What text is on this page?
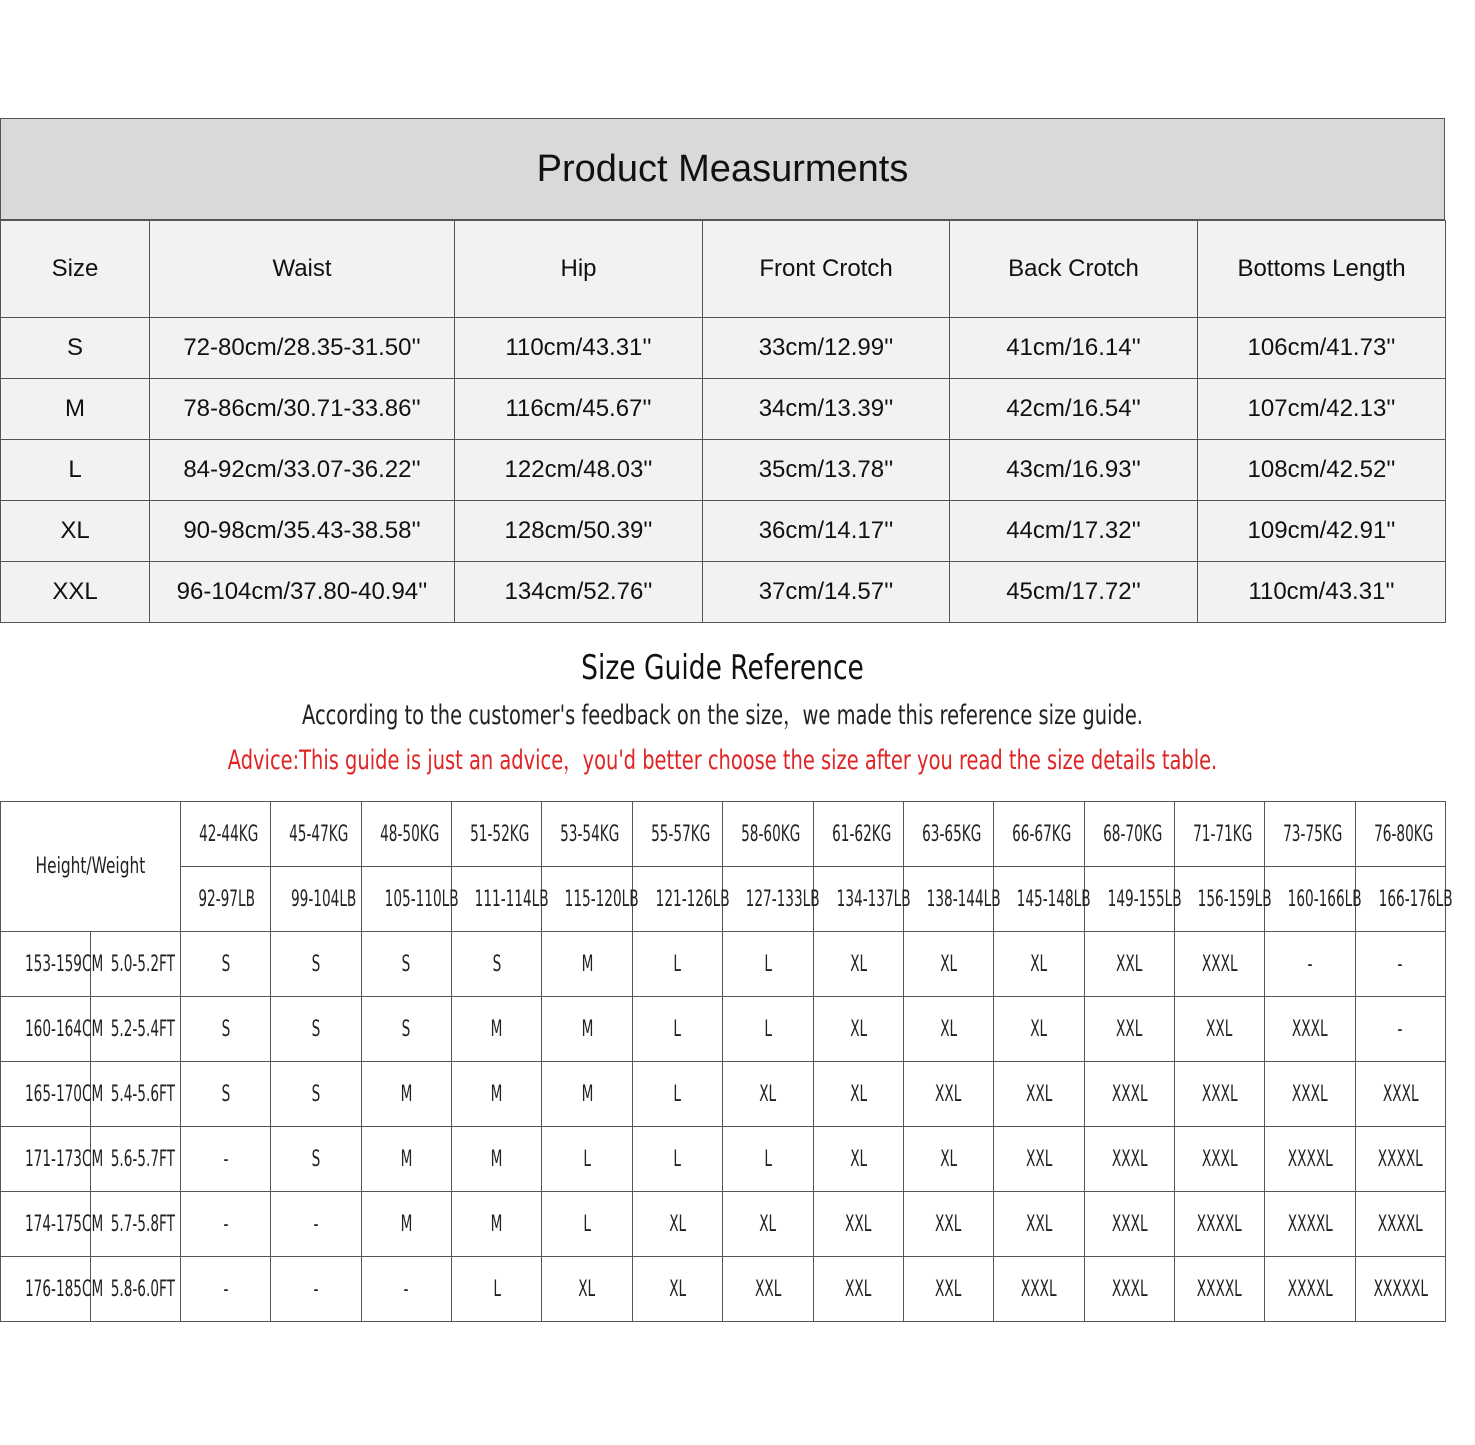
Product Measurments
Size	Waist	Hip	Front Crotch	Back Crotch	Bottoms Length
S	72-80cm/28.35-31.50''	110cm/43.31''	33cm/12.99''	41cm/16.14''	106cm/41.73''
M	78-86cm/30.71-33.86''	116cm/45.67''	34cm/13.39''	42cm/16.54''	107cm/42.13''
L	84-92cm/33.07-36.22''	122cm/48.03''	35cm/13.78''	43cm/16.93''	108cm/42.52''
XL	90-98cm/35.43-38.58''	128cm/50.39''	36cm/14.17''	44cm/17.32''	109cm/42.91''
XXL	96-104cm/37.80-40.94''	134cm/52.76''	37cm/14.57''	45cm/17.72''	110cm/43.31''
Size Guide Reference
According to the customer's feedback on the size，we made this reference size guide.
Advice:This guide is just an advice，you'd better choose the size after you read the size details table.
Height/Weight		42-44KG	45-47KG	48-50KG	51-52KG	53-54KG	55-57KG	58-60KG	61-62KG	63-65KG	66-67KG	68-70KG	71-71KG	73-75KG	76-80KG
		92-97LB	99-104LB	105-110LB	111-114LB	115-120LB	121-126LB	127-133LB	134-137LB	138-144LB	145-148LB	149-155LB	156-159LB	160-166LB	166-176LB
153-159CM	5.0-5.2FT	S	S	S	S	M	L	L	XL	XL	XL	XXL	XXXL	-	-
160-164CM	5.2-5.4FT	S	S	S	M	M	L	L	XL	XL	XL	XXL	XXL	XXXL	-
165-170CM	5.4-5.6FT	S	S	M	M	M	L	XL	XL	XXL	XXL	XXXL	XXXL	XXXL	XXXL
171-173CM	5.6-5.7FT	-	S	M	M	L	L	L	XL	XL	XXL	XXXL	XXXL	XXXXL	XXXXL
174-175CM	5.7-5.8FT	-	-	M	M	L	XL	XL	XXL	XXL	XXL	XXXL	XXXXL	XXXXL	XXXXL
176-185CM	5.8-6.0FT	-	-	-	L	XL	XL	XXL	XXL	XXL	XXXL	XXXL	XXXXL	XXXXL	XXXXXL
